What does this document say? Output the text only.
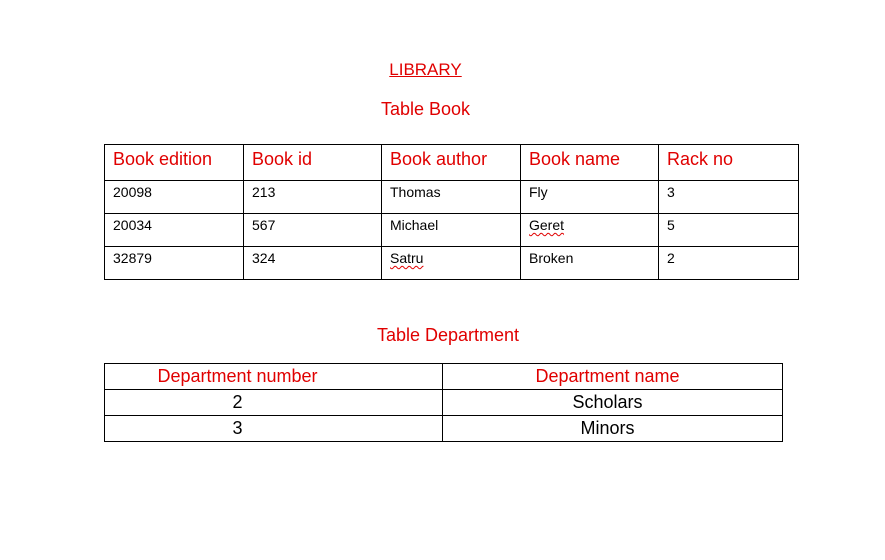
LIBRARY
Table Book
Book edition	Book id	Book author	Book name	Rack no
20098	213	Thomas	Fly	3
20034	567	Michael	Geret	5
32879	324	Satru	Broken	2
Table Department
Department number	Department name
2	Scholars
3	Minors
